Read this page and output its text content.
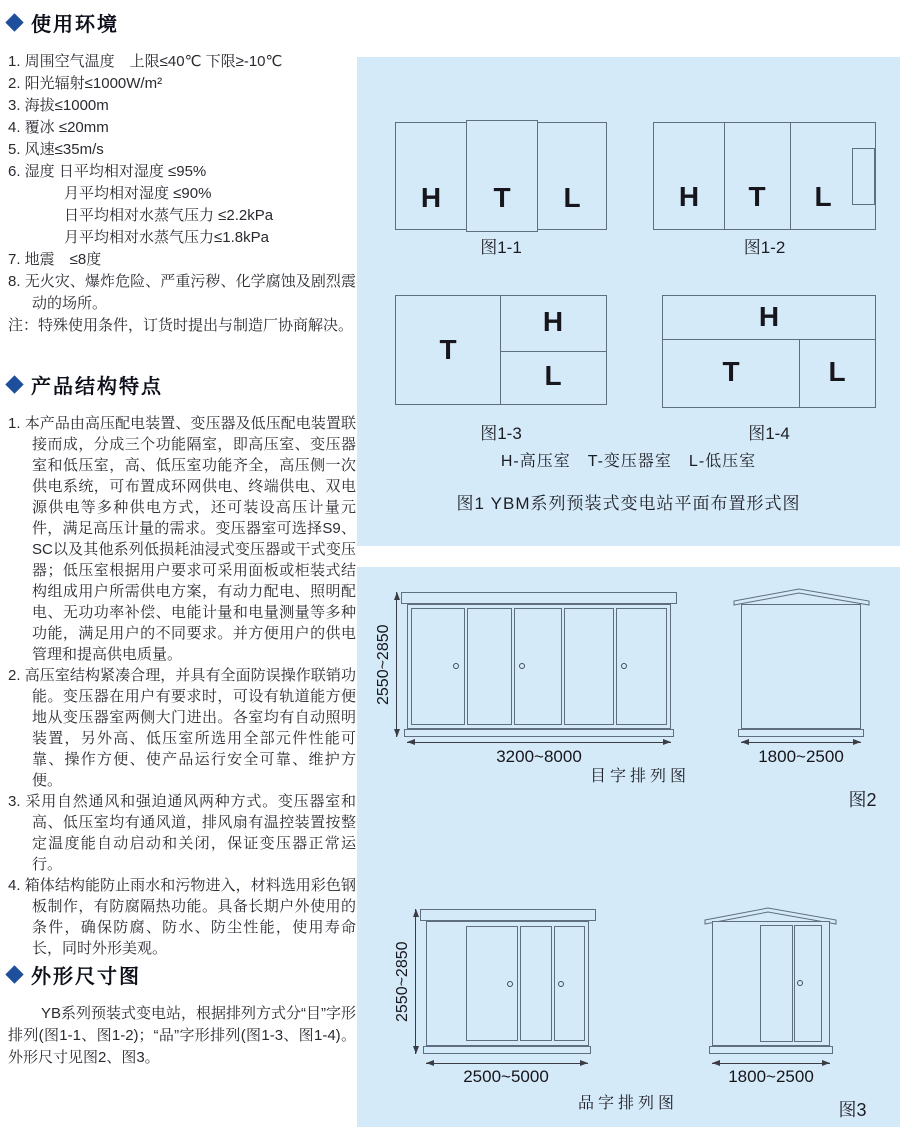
使用环境
1. 周围空气温度　上限≤40℃ 下限≥-10℃
2. 阳光辐射≤1000W/m²
3. 海拔≤1000m
4. 覆冰 ≤20mm
5. 风速≤35m/s
6. 湿度 日平均相对湿度 ≤95%
月平均相对湿度 ≤90%
日平均相对水蒸气压力 ≤2.2kPa
月平均相对水蒸气压力≤1.8kPa
7. 地震　≤8度
8. 无火灾、爆炸危险、严重污秽、化学腐蚀及剧烈震动的场所。
注：特殊使用条件，订货时提出与制造厂协商解决。
产品结构特点
1. 本产品由高压配电装置、变压器及低压配电装置联接而成，分成三个功能隔室，即高压室、变压器室和低压室，高、低压室功能齐全，高压侧一次供电系统，可布置成环网供电、终端供电、双电源供电等多种供电方式，还可装设高压计量元件，满足高压计量的需求。变压器室可选择S9、SC以及其他系列低损耗油浸式变压器或干式变压器；低压室根据用户要求可采用面板或柜装式结构组成用户所需供电方案，有动力配电、照明配电、无功功率补偿、电能计量和电量测量等多种功能，满足用户的不同要求。并方便用户的供电管理和提高供电质量。
2. 高压室结构紧凑合理，并具有全面防误操作联销功能。变压器在用户有要求时，可设有轨道能方便地从变压器室两侧大门进出。各室均有自动照明装置，另外高、低压室所选用全部元件性能可靠、操作方便、使产品运行安全可靠、维护方便。
3. 采用自然通风和强迫通风两种方式。变压器室和高、低压室均有通风道，排风扇有温控装置按整定温度能自动启动和关闭，保证变压器正常运行。
4. 箱体结构能防止雨水和污物进入，材料选用彩色钢板制作，有防腐隔热功能。具备长期户外使用的条件，确保防腐、防水、防尘性能，使用寿命长，同时外形美观。
外形尺寸图
YB系列预装式变电站，根据排列方式分“目”字形排列(图1-1、图1-2)；“品”字形排列(图1-3、图1-4)。外形尺寸见图2、图3。
H	T	L
图1-1
H	T	L
图1-2
T
H
L
图1-3
H
T	L
图1-4
H-高压室　T-变压器室　L-低压室
图1 YBM系列预装式变电站平面布置形式图
2550~2850
3200~8000
目字排列图
1800~2500
图2
2550~2850
2500~5000
品字排列图
1800~2500
图3
